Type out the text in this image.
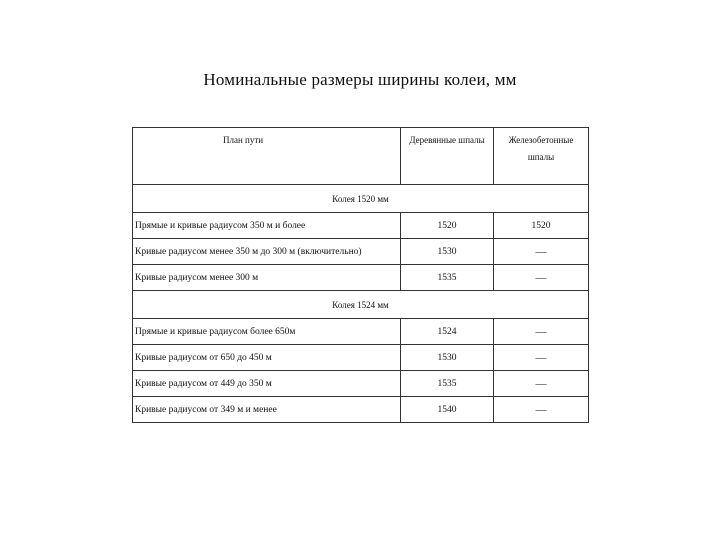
Номинальные размеры ширины колеи, мм
План пути	Деревянные шпалы	Железобетонные шпалы
Колея 1520 мм		
Прямые и кривые радиусом 350 м и более	1520	1520
Кривые радиусом менее 350 м до 300 м (включительно)	1530	—
Кривые радиусом менее 300 м	1535	—
Колея 1524 мм		
Прямые и кривые радиусом более 650м	1524	—
Кривые радиусом от 650 до 450 м	1530	—
Кривые радиусом от 449 до 350 м	1535	—
Кривые радиусом от 349 м и менее	1540	—
